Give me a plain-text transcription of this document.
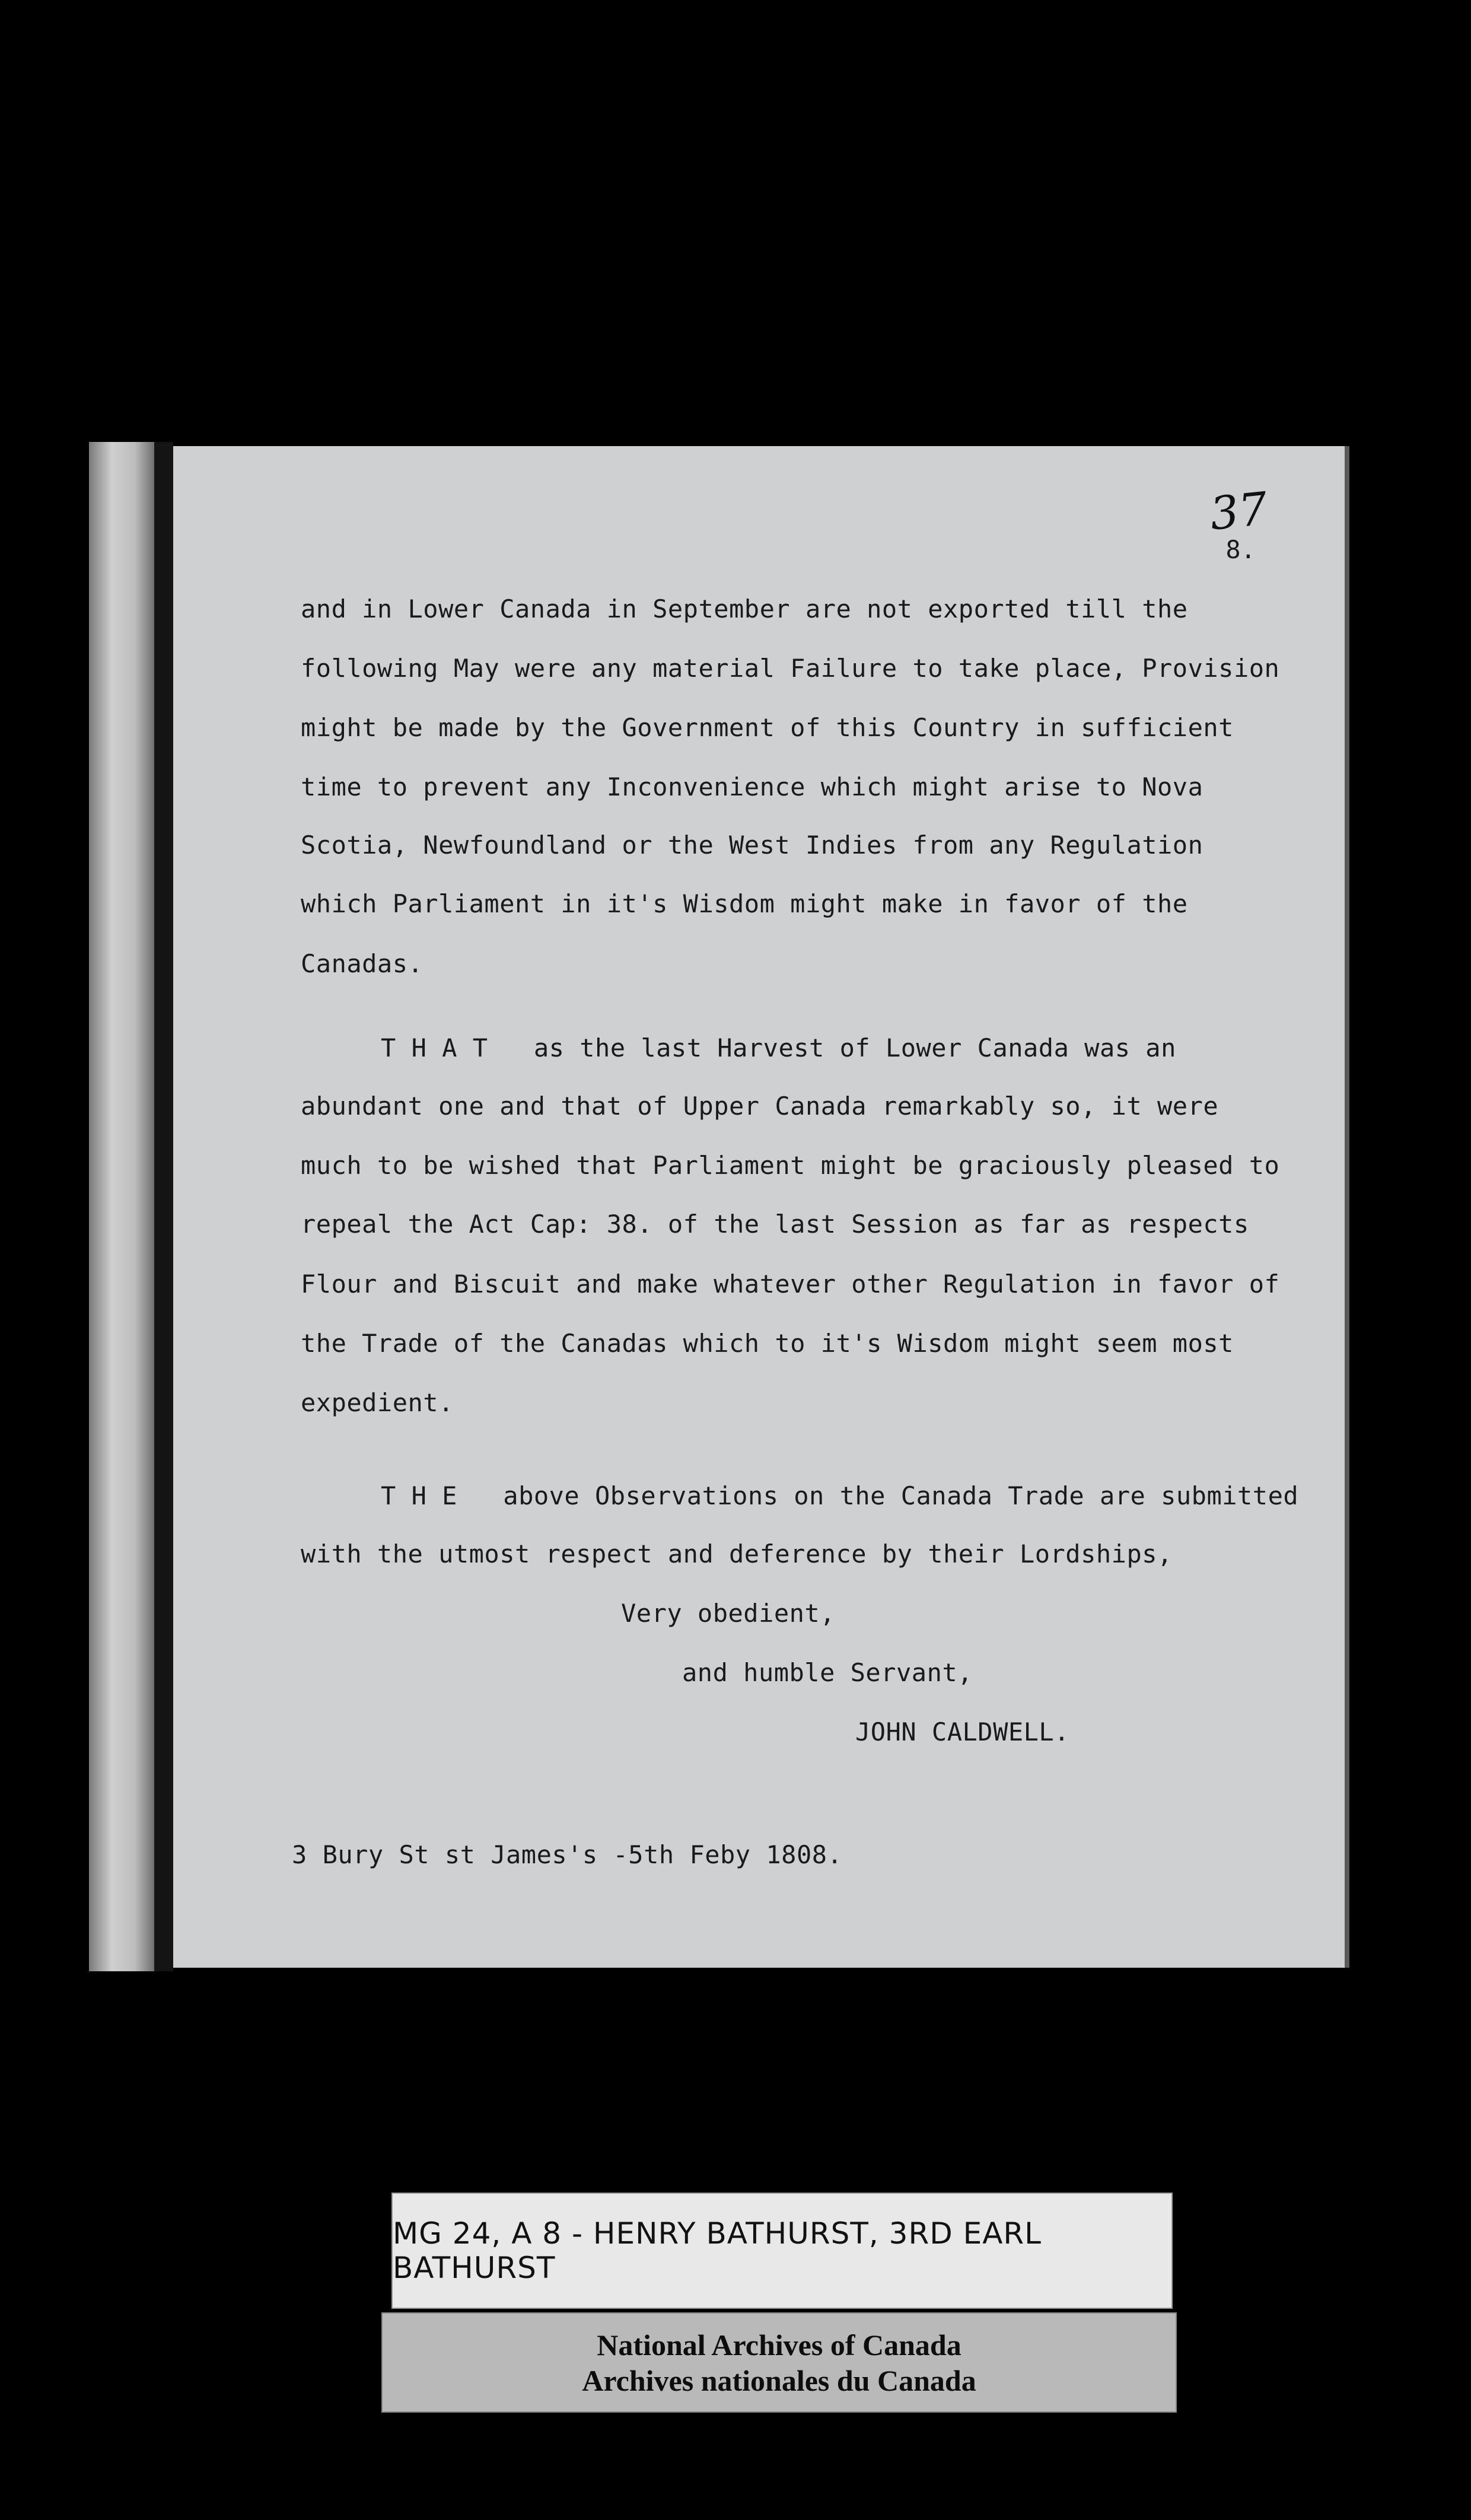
37
8.
and in Lower Canada in September are not exported till the
following May were any material Failure to take place, Provision
might be made by the Government of this Country in sufficient
time to prevent any Inconvenience which might arise to Nova
Scotia, Newfoundland or the West Indies from any Regulation
which Parliament in it's Wisdom might make in favor of the
Canadas.
T H A T   as the last Harvest of Lower Canada was an
abundant one and that of Upper Canada remarkably so, it were
much to be wished that Parliament might be graciously pleased to
repeal the Act Cap: 38. of the last Session as far as respects
Flour and Biscuit and make whatever other Regulation in favor of
the Trade of the Canadas which to it's Wisdom might seem most
expedient.
T H E   above Observations on the Canada Trade are submitted
with the utmost respect and deference by their Lordships,
Very obedient,
and humble Servant,
JOHN CALDWELL.
3 Bury St st James's -5th Feby 1808.
MG 24, A 8 - HENRY BATHURST, 3RD EARL BATHURST
National Archives of Canada
Archives nationales du Canada
